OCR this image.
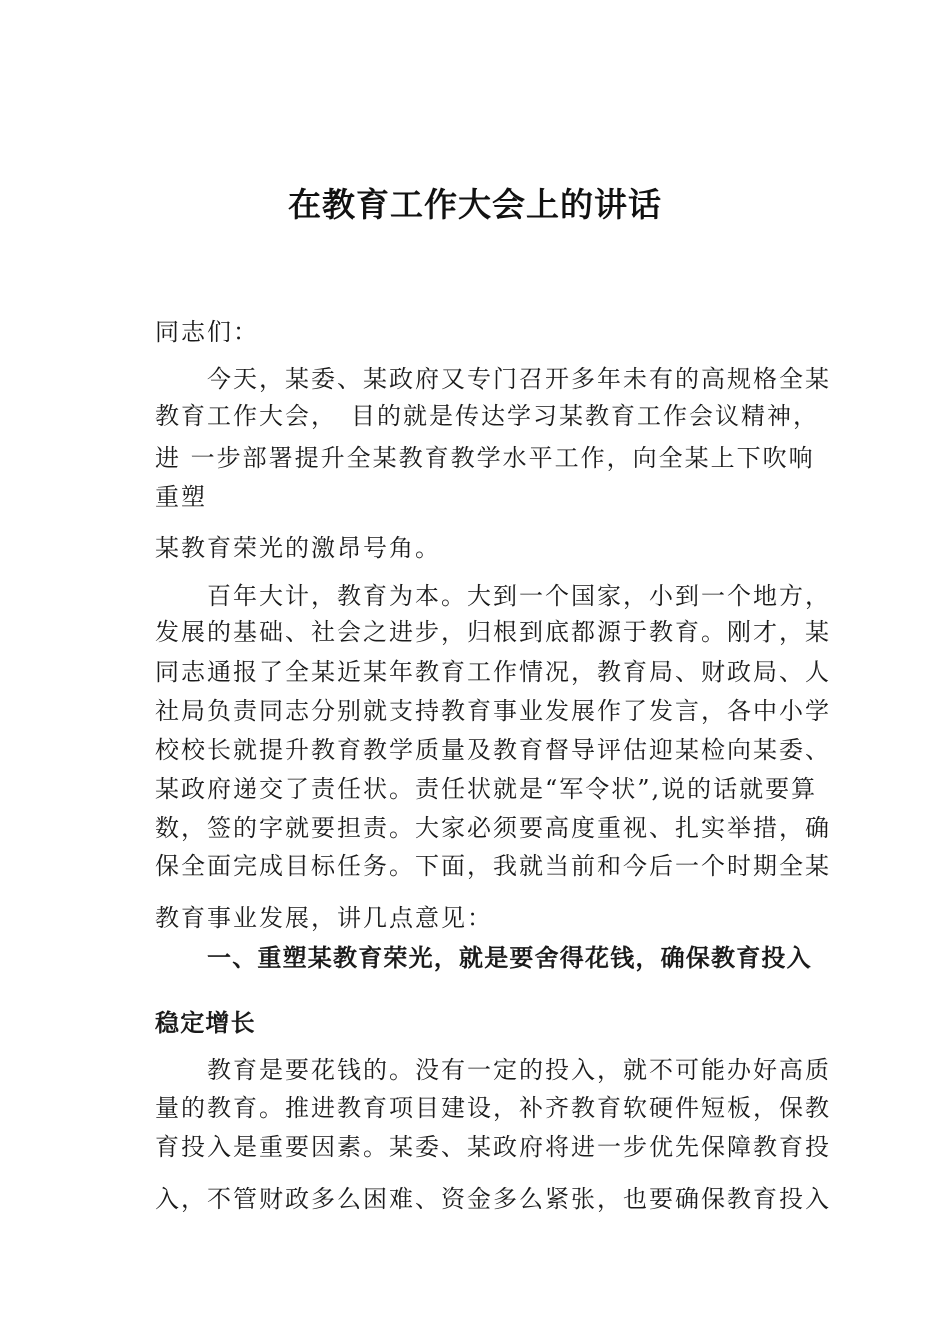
在教育工作大会上的讲话
同志们：
今天，某委、某政府又专门召开多年未有的高规格全某
教育工作大会，　目的就是传达学习某教育工作会议精神，
进 一步部署提升全某教育教学水平工作，向全某上下吹响
重塑
某教育荣光的激昂号角。
百年大计，教育为本。大到一个国家，小到一个地方，
发展的基础、社会之进步，归根到底都源于教育。刚才，某
同志通报了全某近某年教育工作情况，教育局、财政局、人
社局负责同志分别就支持教育事业发展作了发言，各中小学
校校长就提升教育教学质量及教育督导评估迎某检向某委、
某政府递交了责任状。责任状就是“军令状”,说的话就要算
数，签的字就要担责。大家必须要高度重视、扎实举措，确
保全面完成目标任务。下面，我就当前和今后一个时期全某
教育事业发展，讲几点意见：
一、重塑某教育荣光，就是要舍得花钱，确保教育投入
稳定增长
教育是要花钱的。没有一定的投入，就不可能办好高质
量的教育。推进教育项目建设，补齐教育软硬件短板，保教
育投入是重要因素。某委、某政府将进一步优先保障教育投
入，不管财政多么困难、资金多么紧张，也要确保教育投入
